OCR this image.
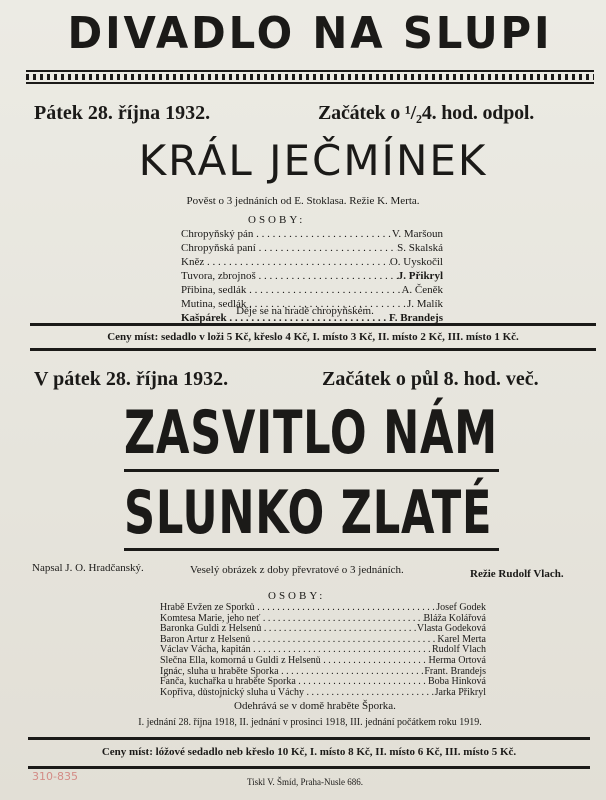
DIVADLO NA SLUPI
Pátek 28. října 1932.	Začátek o ¹/₂4. hod. odpol.
KRÁL JEČMÍNEK
Pověst o 3 jednáních od E. Stoklasa. Režie K. Merta.
OSOBY:
Chropyňský pán . . .	V. Maršoun
Chropyňská paní . . .	S. Skalská
Kněz . . .	O. Uyskočil
Tuvora, zbrojnoš . . .	J. Přikryl
Přibina, sedlák . . .	A. Čeněk
Mutina, sedlák . . .	J. Malík
Kašpárek . . .	F. Brandejs
Děje se na hradě chropyňském.
Ceny míst: sedadlo v loži 5 Kč, křeslo 4 Kč, I. místo 3 Kč, II. místo 2 Kč, III. místo 1 Kč.
V pátek 28. října 1932.	Začátek o půl 8. hod. več.
ZASVITLO NÁM
SLUNKO ZLATÉ
Napsal J. O. Hradčanský.	Veselý obrázek z doby převratové o 3 jednáních.	Režie Rudolf Vlach.
OSOBY:
Hrabě Evžen ze Šporků . . .	Josef Godek
Komtesa Marie, jeho neť . . .	Bláža Kolářová
Baronka Guldi z Helsenů . . .	Vlasta Godeková
Baron Artur z Helsenů . . .	Karel Merta
Václav Vácha, kapitán . . .	Rudolf Vlach
Slečna Ella, komorná u Guldi z Helsenů . . .	Herma Ortová
Ignác, sluha u hraběte Šporka . . .	Frant. Brandejs
Fanča, kuchařka u hraběte Šporka . . .	Boba Hinková
Kopřiva, důstojnický sluha u Váchy . . .	Jarka Přikryl
Odehrává se v domě hraběte Šporka.
I. jednání 28. října 1918, II. jednání v prosinci 1918, III. jednání počátkem roku 1919.
Ceny míst: lóžové sedadlo neb křeslo 10 Kč, I. místo 8 Kč, II. místo 6 Kč, III. místo 5 Kč.
Tiskl V. Šmíd, Praha-Nusle 686.
310-835
